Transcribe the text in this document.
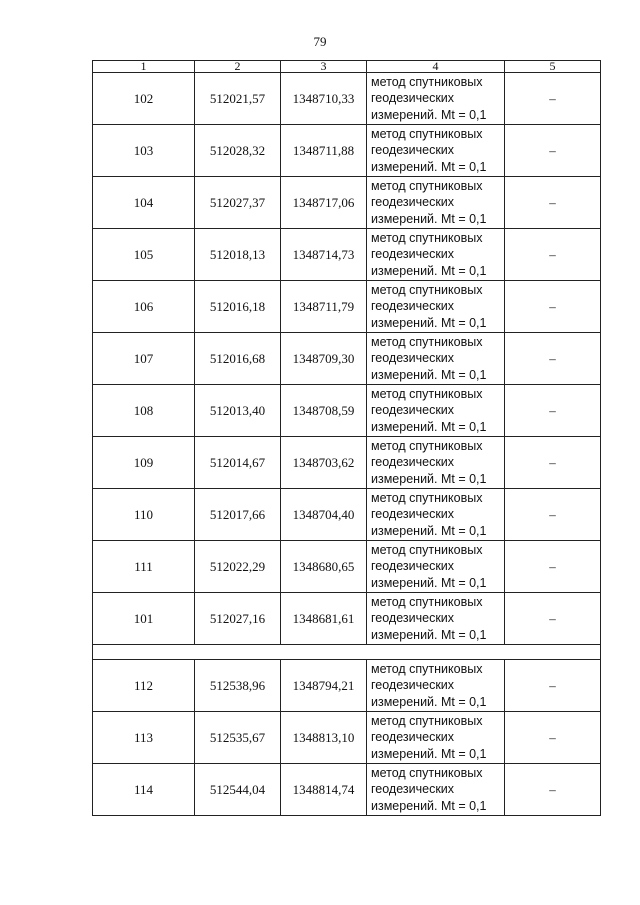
79
1	2	3	4	5
102	512021,57	1348710,33	метод спутниковых
геодезических
измерений. Mt = 0,1	–
103	512028,32	1348711,88	метод спутниковых
геодезических
измерений. Mt = 0,1	–
104	512027,37	1348717,06	метод спутниковых
геодезических
измерений. Mt = 0,1	–
105	512018,13	1348714,73	метод спутниковых
геодезических
измерений. Mt = 0,1	–
106	512016,18	1348711,79	метод спутниковых
геодезических
измерений. Mt = 0,1	–
107	512016,68	1348709,30	метод спутниковых
геодезических
измерений. Mt = 0,1	–
108	512013,40	1348708,59	метод спутниковых
геодезических
измерений. Mt = 0,1	–
109	512014,67	1348703,62	метод спутниковых
геодезических
измерений. Mt = 0,1	–
110	512017,66	1348704,40	метод спутниковых
геодезических
измерений. Mt = 0,1	–
111	512022,29	1348680,65	метод спутниковых
геодезических
измерений. Mt = 0,1	–
101	512027,16	1348681,61	метод спутниковых
геодезических
измерений. Mt = 0,1	–

112	512538,96	1348794,21	метод спутниковых
геодезических
измерений. Mt = 0,1	–
113	512535,67	1348813,10	метод спутниковых
геодезических
измерений. Mt = 0,1	–
114	512544,04	1348814,74	метод спутниковых
геодезических
измерений. Mt = 0,1	–
